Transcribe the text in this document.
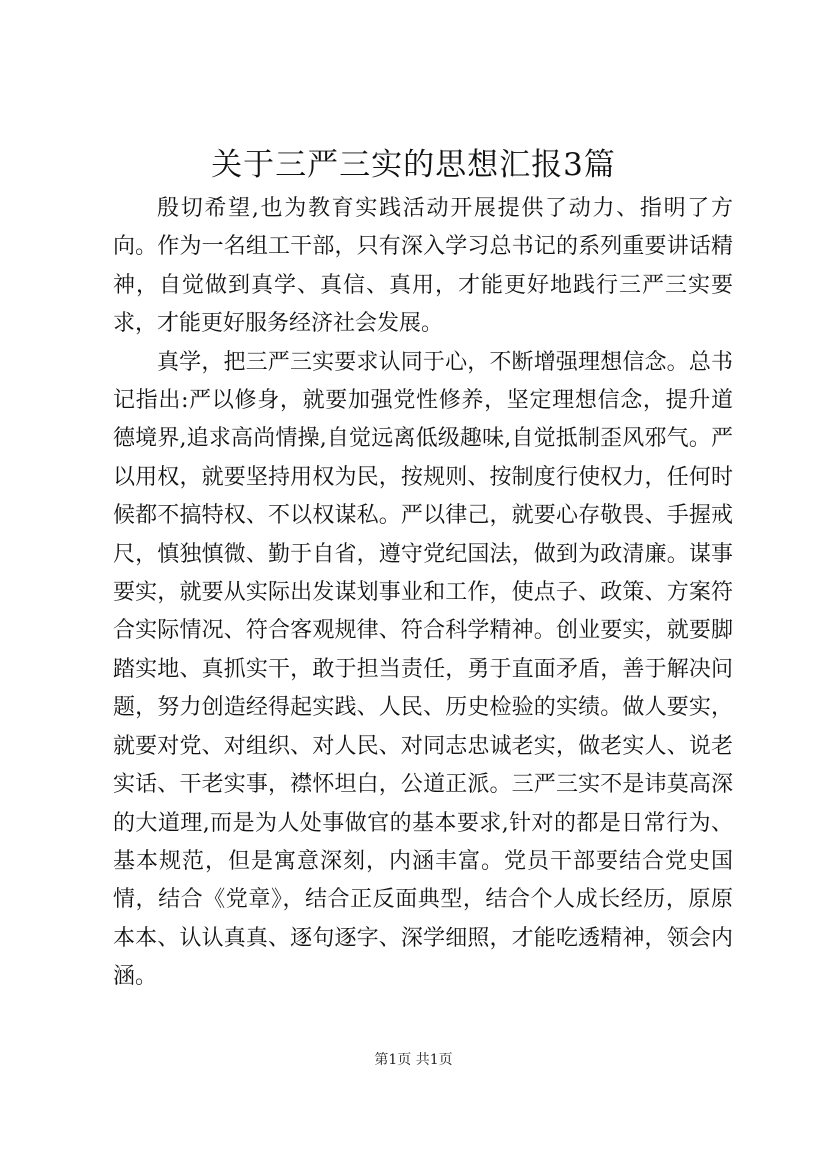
关于三严三实的思想汇报3篇

殷切希望,也为教育实践活动开展提供了动力、指明了方向。作为一名组工干部，只有深入学习总书记的系列重要讲话精神，自觉做到真学、真信、真用，才能更好地践行三严三实要求，才能更好服务经济社会发展。

真学，把三严三实要求认同于心，不断增强理想信念。总书记指出:严以修身，就要加强党性修养，坚定理想信念，提升道德境界,追求高尚情操,自觉远离低级趣味,自觉抵制歪风邪气。严以用权，就要坚持用权为民，按规则、按制度行使权力，任何时候都不搞特权、不以权谋私。严以律己，就要心存敬畏、手握戒尺，慎独慎微、勤于自省，遵守党纪国法，做到为政清廉。谋事要实，就要从实际出发谋划事业和工作，使点子、政策、方案符合实际情况、符合客观规律、符合科学精神。创业要实，就要脚踏实地、真抓实干，敢于担当责任，勇于直面矛盾，善于解决问题，努力创造经得起实践、人民、历史检验的实绩。做人要实，就要对党、对组织、对人民、对同志忠诚老实，做老实人、说老实话、干老实事，襟怀坦白，公道正派。三严三实不是讳莫高深的大道理,而是为人处事做官的基本要求,针对的都是日常行为、基本规范，但是寓意深刻，内涵丰富。党员干部要结合党史国情，结合《党章》，结合正反面典型，结合个人成长经历，原原本本、认认真真、逐句逐字、深学细照，才能吃透精神，领会内涵。

第1页 共1页
